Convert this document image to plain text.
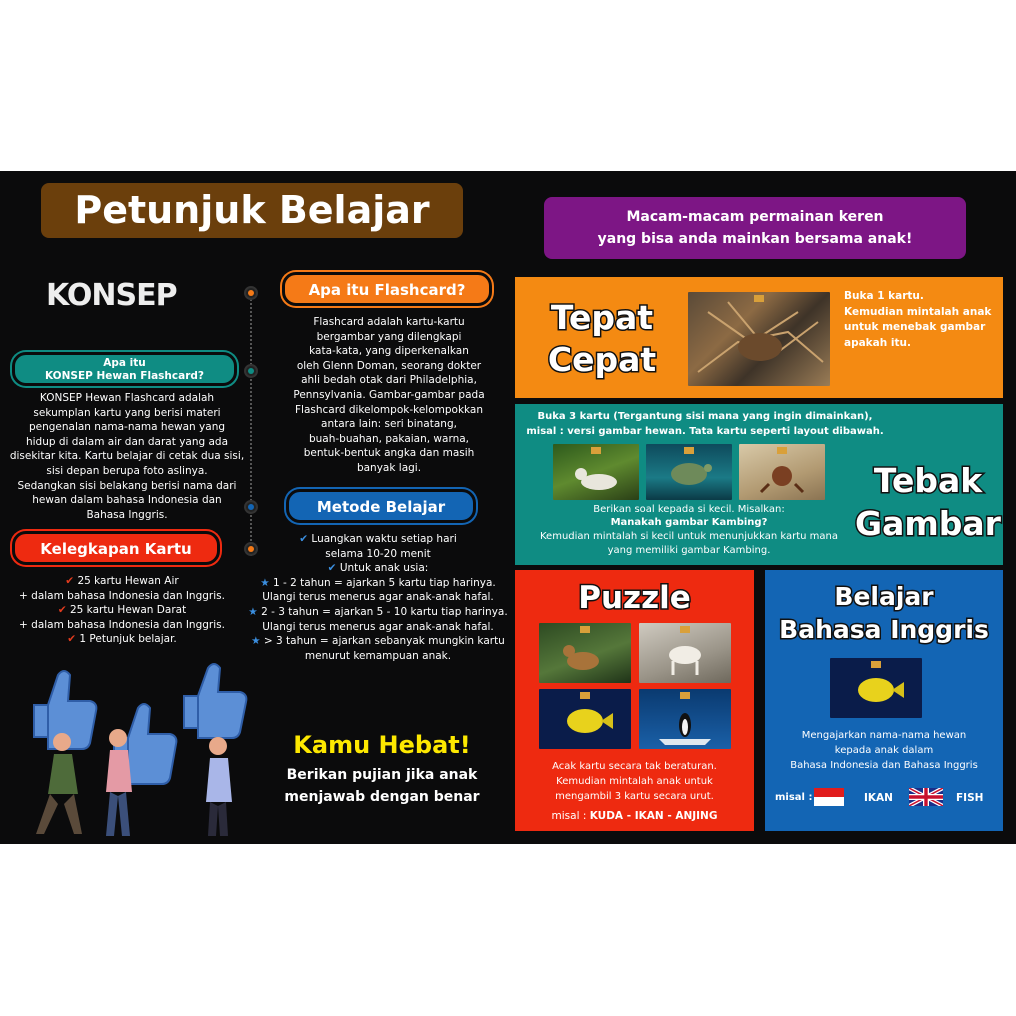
Petunjuk Belajar
KONSEP
Apa itu
KONSEP Hewan Flashcard?
KONSEP Hewan Flashcard adalah
sekumplan kartu yang berisi materi
pengenalan nama-nama hewan yang
hidup di dalam air dan darat yang ada
disekitar kita. Kartu belajar di cetak dua sisi,
sisi depan berupa foto aslinya.
Sedangkan sisi belakang berisi nama dari
hewan dalam bahasa Indonesia dan
Bahasa Inggris.
Kelegkapan Kartu
✔ 25 kartu Hewan Air
+ dalam bahasa Indonesia dan Inggris.
✔ 25 kartu Hewan Darat
+ dalam bahasa Indonesia dan Inggris.
✔ 1 Petunjuk belajar.
Apa itu Flashcard?
Flashcard adalah kartu-kartu
bergambar yang dilengkapi
kata-kata, yang diperkenalkan
oleh Glenn Doman, seorang dokter
ahli bedah otak dari Philadelphia,
Pennsylvania. Gambar-gambar pada
Flashcard dikelompok-kelompokkan
antara lain: seri binatang,
buah-buahan, pakaian, warna,
bentuk-bentuk angka dan masih
banyak lagi.
Metode Belajar
✔ Luangkan waktu setiap hari
selama 10-20 menit
✔ Untuk anak usia:
★ 1 - 2 tahun = ajarkan 5 kartu tiap harinya.
Ulangi terus menerus agar anak-anak hafal.
★ 2 - 3 tahun = ajarkan 5 - 10 kartu tiap harinya.
Ulangi terus menerus agar anak-anak hafal.
★ > 3 tahun = ajarkan sebanyak mungkin kartu
menurut kemampuan anak.
Kamu Hebat!
Berikan pujian jika anak
menjawab dengan benar
Macam-macam permainan keren
yang bisa anda mainkan bersama anak!
Tepat
Cepat
Buka 1 kartu.
Kemudian mintalah anak
untuk menebak gambar
apakah itu.
Buka 3 kartu (Tergantung sisi mana yang ingin dimainkan),
misal : versi gambar hewan. Tata kartu seperti layout dibawah.
Berikan soal kepada si kecil. Misalkan:
Manakah gambar Kambing?
Kemudian mintalah si kecil untuk menunjukkan kartu mana
yang memiliki gambar Kambing.
Tebak
Gambar
Puzzle
Acak kartu secara tak beraturan.
Kemudian mintalah anak untuk
mengambil 3 kartu secara urut.
misal : KUDA - IKAN - ANJING
Belajar
Bahasa Inggris
Mengajarkan nama-nama hewan
kepada anak dalam
Bahasa Indonesia dan Bahasa Inggris
misal :	IKAN	FISH
